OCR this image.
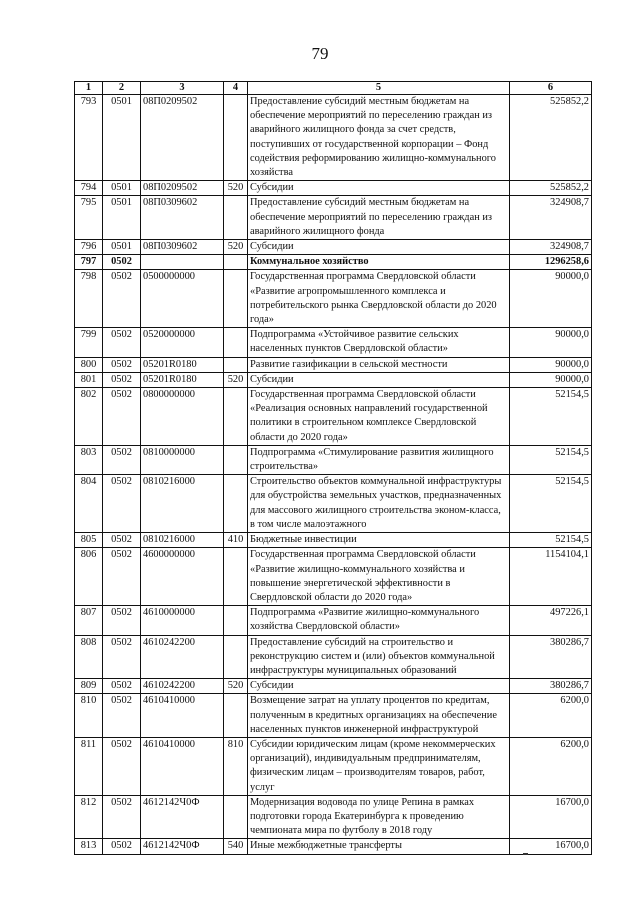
79
1	2	3	4	5	6
793	0501	08П0209502		Предоставление субсидий местным бюджетам на обеспечение мероприятий по переселению граждан из аварийного жилищного фонда за счет средств, поступивших от государственной корпорации – Фонд содействия реформированию жилищно-коммунального хозяйства	525852,2
794	0501	08П0209502	520	Субсидии	525852,2
795	0501	08П0309602		Предоставление субсидий местным бюджетам на обеспечение мероприятий по переселению граждан из аварийного жилищного фонда	324908,7
796	0501	08П0309602	520	Субсидии	324908,7
797	0502			Коммунальное хозяйство	1296258,6
798	0502	0500000000		Государственная программа Свердловской области «Развитие агропромышленного комплекса и потребительского рынка Свердловской области до 2020 года»	90000,0
799	0502	0520000000		Подпрограмма «Устойчивое развитие сельских населенных пунктов Свердловской области»	90000,0
800	0502	05201R0180		Развитие газификации в сельской местности	90000,0
801	0502	05201R0180	520	Субсидии	90000,0
802	0502	0800000000		Государственная программа Свердловской области «Реализация основных направлений государственной политики в строительном комплексе Свердловской области до 2020 года»	52154,5
803	0502	0810000000		Подпрограмма «Стимулирование развития жилищного строительства»	52154,5
804	0502	0810216000		Строительство объектов коммунальной инфраструктуры для обустройства земельных участков, предназначенных для массового жилищного строительства эконом-класса, в том числе малоэтажного	52154,5
805	0502	0810216000	410	Бюджетные инвестиции	52154,5
806	0502	4600000000		Государственная программа Свердловской области «Развитие жилищно-коммунального хозяйства и повышение энергетической эффективности в Свердловской области до 2020 года»	1154104,1
807	0502	4610000000		Подпрограмма «Развитие жилищно-коммунального хозяйства Свердловской области»	497226,1
808	0502	4610242200		Предоставление субсидий на строительство и реконструкцию систем и (или) объектов коммунальной инфраструктуры муниципальных образований	380286,7
809	0502	4610242200	520	Субсидии	380286,7
810	0502	4610410000		Возмещение затрат на уплату процентов по кредитам, полученным в кредитных организациях на обеспечение населенных пунктов инженерной инфраструктурой	6200,0
811	0502	4610410000	810	Субсидии юридическим лицам (кроме некоммерческих организаций), индивидуальным предпринимателям, физическим лицам – производителям товаров, работ, услуг	6200,0
812	0502	4612142Ч0Ф		Модернизация водовода по улице Репина в рамках подготовки города Екатеринбурга к проведению чемпионата мира по футболу в 2018 году	16700,0
813	0502	4612142Ч0Ф	540	Иные межбюджетные трансферты	16700,0
